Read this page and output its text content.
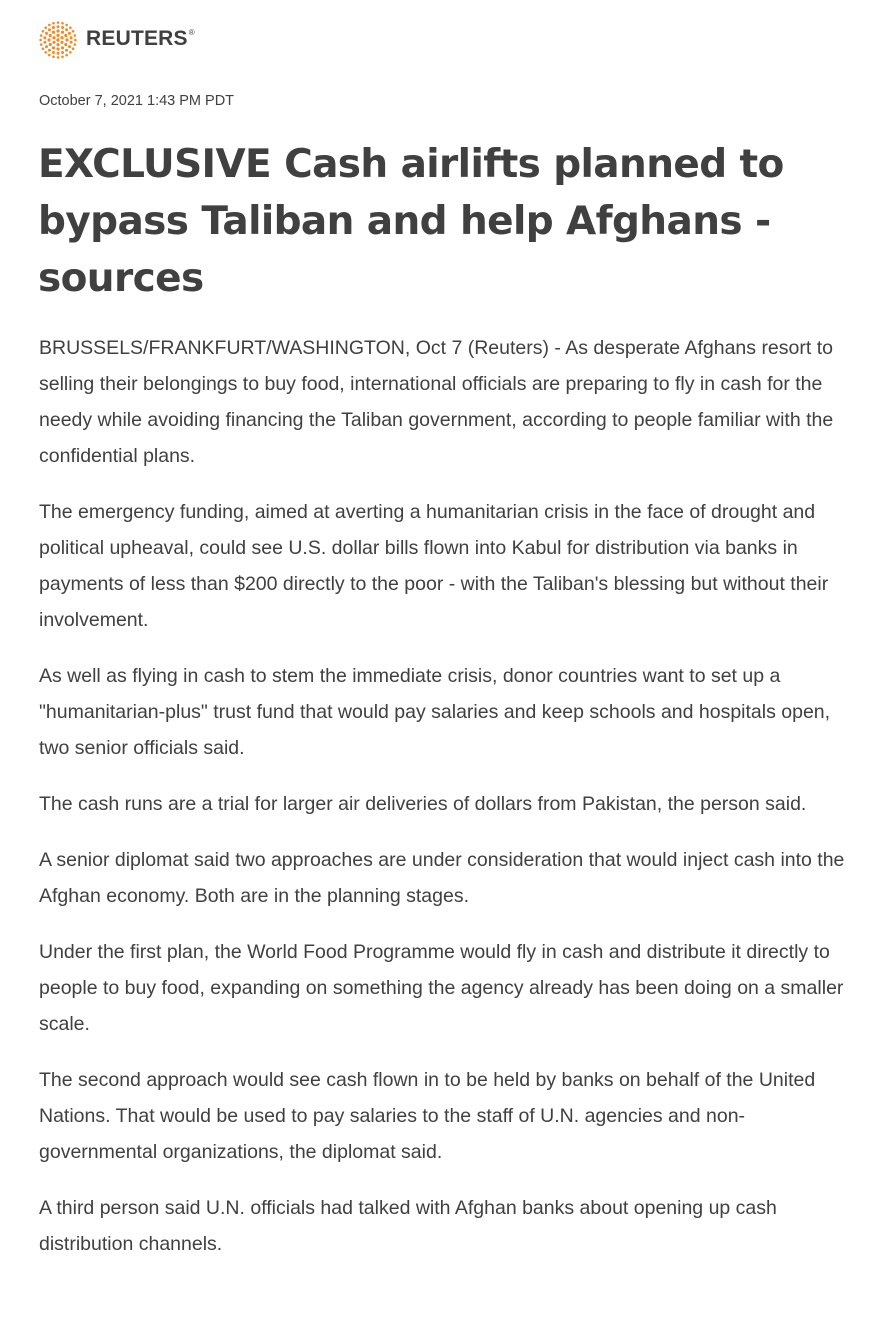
REUTERS®

October 7, 2021 1:43 PM PDT

EXCLUSIVE Cash airlifts planned to bypass Taliban and help Afghans - sources

BRUSSELS/FRANKFURT/WASHINGTON, Oct 7 (Reuters) - As desperate Afghans resort to selling their belongings to buy food, international officials are preparing to fly in cash for the needy while avoiding financing the Taliban government, according to people familiar with the confidential plans.

The emergency funding, aimed at averting a humanitarian crisis in the face of drought and political upheaval, could see U.S. dollar bills flown into Kabul for distribution via banks in payments of less than $200 directly to the poor - with the Taliban's blessing but without their involvement.

As well as flying in cash to stem the immediate crisis, donor countries want to set up a "humanitarian-plus" trust fund that would pay salaries and keep schools and hospitals open, two senior officials said.

The cash runs are a trial for larger air deliveries of dollars from Pakistan, the person said.

A senior diplomat said two approaches are under consideration that would inject cash into the Afghan economy. Both are in the planning stages.

Under the first plan, the World Food Programme would fly in cash and distribute it directly to people to buy food, expanding on something the agency already has been doing on a smaller scale.

The second approach would see cash flown in to be held by banks on behalf of the United Nations. That would be used to pay salaries to the staff of U.N. agencies and non-governmental organizations, the diplomat said.

A third person said U.N. officials had talked with Afghan banks about opening up cash distribution channels.
